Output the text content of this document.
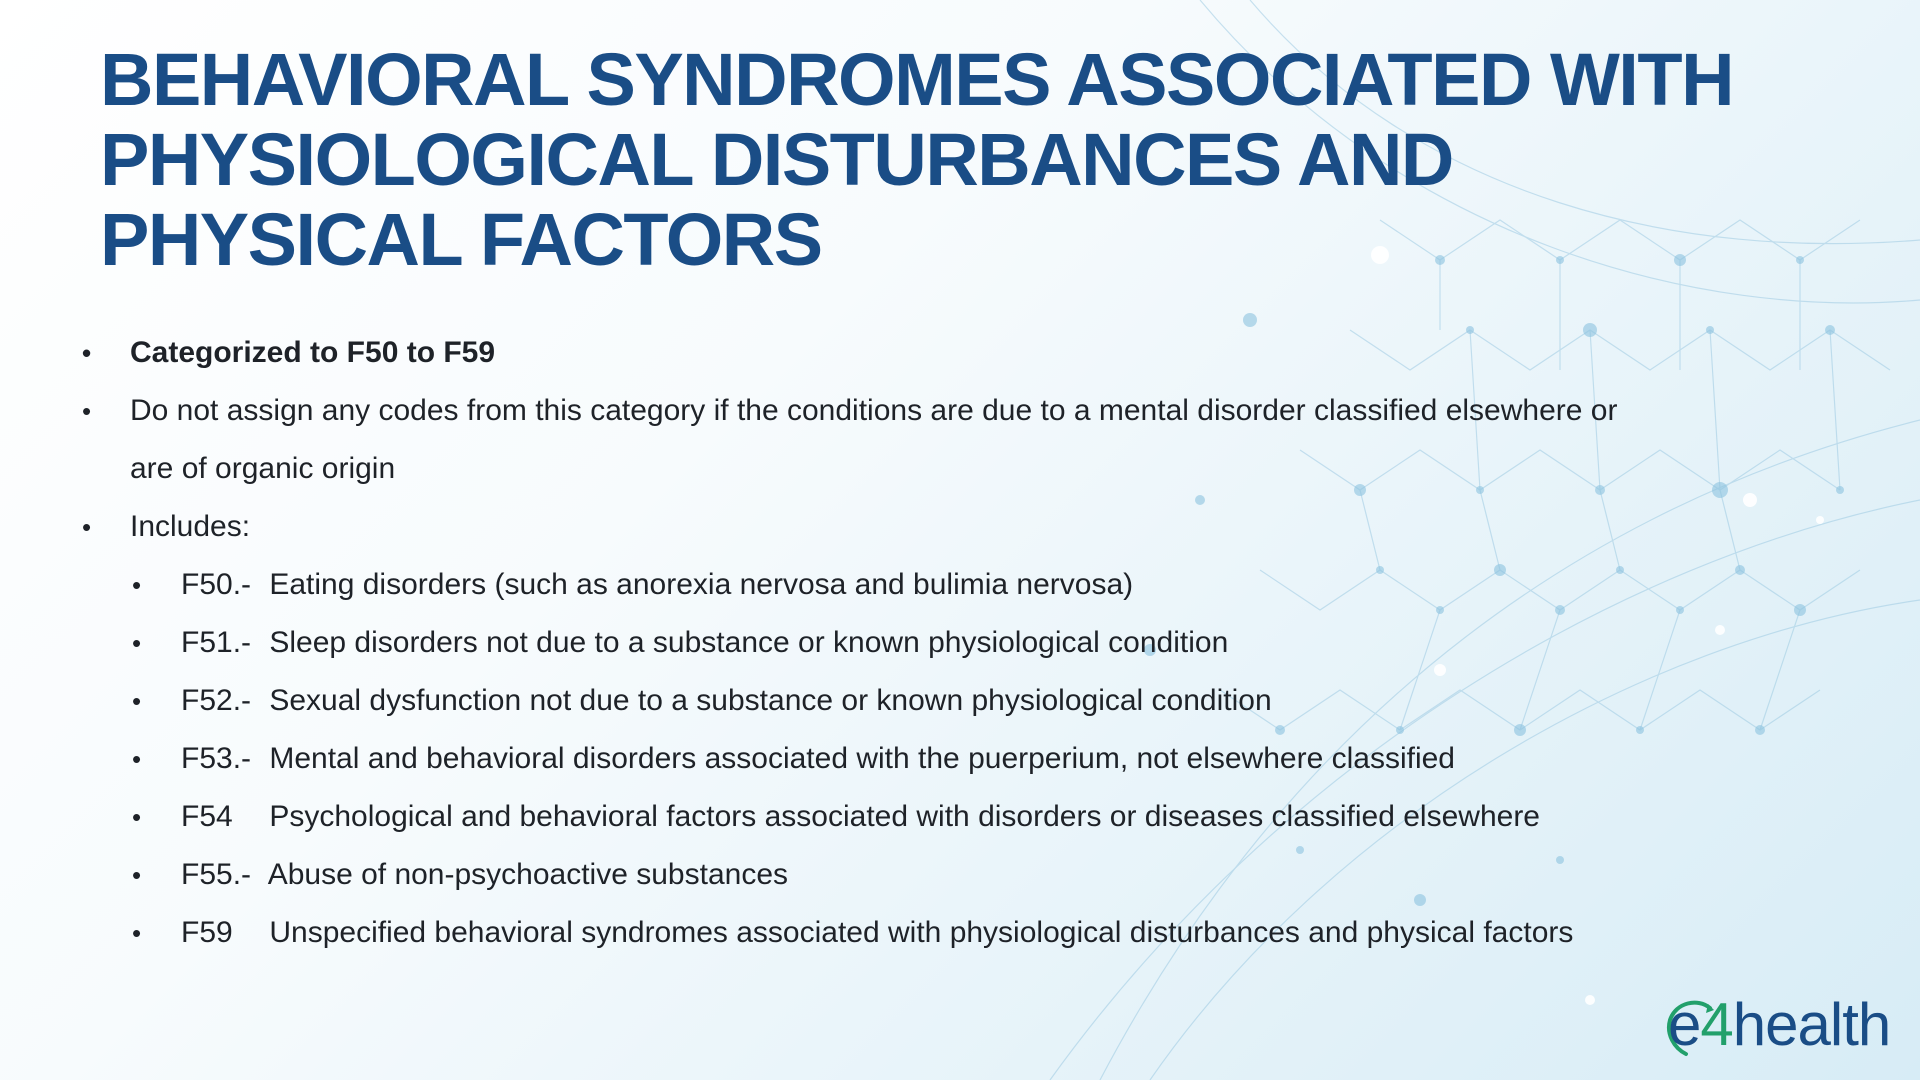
BEHAVIORAL SYNDROMES ASSOCIATED WITH PHYSIOLOGICAL DISTURBANCES AND PHYSICAL FACTORS
• Categorized to F50 to F59
• Do not assign any codes from this category if the conditions are due to a mental disorder classified elsewhere or
are of organic origin
• Includes:
• F50.- Eating disorders (such as anorexia nervosa and bulimia nervosa)
• F51.- Sleep disorders not due to a substance or known physiological condition
• F52.- Sexual dysfunction not due to a substance or known physiological condition
• F53.- Mental and behavioral disorders associated with the puerperium, not elsewhere classified
• F54 Psychological and behavioral factors associated with disorders or diseases classified elsewhere
• F55.- Abuse of non-psychoactive substances
• F59 Unspecified behavioral syndromes associated with physiological disturbances and physical factors
e4health
